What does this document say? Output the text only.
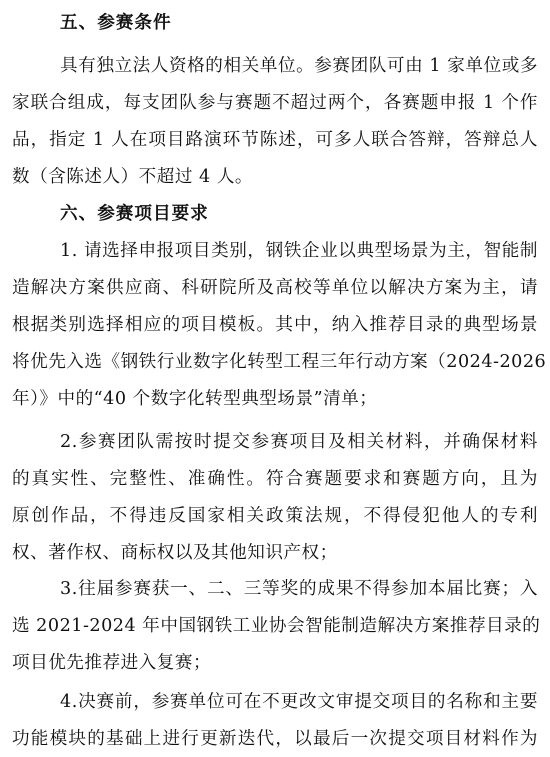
五、参赛条件
具有独立法人资格的相关单位。参赛团队可由 1 家单位或多
家联合组成，每支团队参与赛题不超过两个，各赛题申报 1 个作
品，指定 1 人在项目路演环节陈述，可多人联合答辩，答辩总人
数（含陈述人）不超过 4 人。
六、参赛项目要求
1. 请选择申报项目类别，钢铁企业以典型场景为主，智能制
造解决方案供应商、科研院所及高校等单位以解决方案为主，请
根据类别选择相应的项目模板。其中，纳入推荐目录的典型场景
将优先入选《钢铁行业数字化转型工程三年行动方案（2024-2026
年）》中的“40 个数字化转型典型场景”清单；
2.参赛团队需按时提交参赛项目及相关材料，并确保材料
的真实性、完整性、准确性。符合赛题要求和赛题方向，且为
原创作品，不得违反国家相关政策法规，不得侵犯他人的专利
权、著作权、商标权以及其他知识产权；
3.往届参赛获一、二、三等奖的成果不得参加本届比赛；入
选 2021-2024 年中国钢铁工业协会智能制造解决方案推荐目录的
项目优先推荐进入复赛；
4.决赛前，参赛单位可在不更改文审提交项目的名称和主要
功能模块的基础上进行更新迭代，以最后一次提交项目材料作为
